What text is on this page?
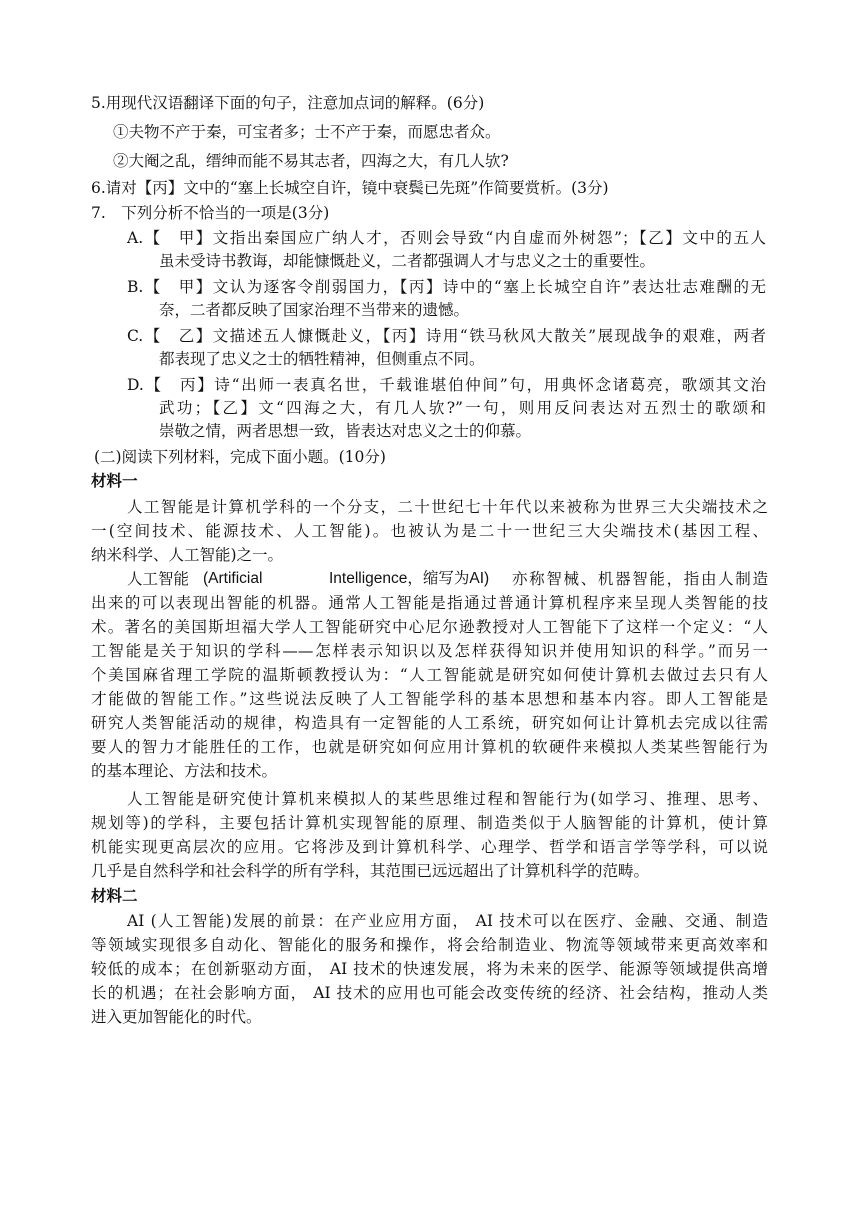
5.用现代汉语翻译下面的句子，注意加点词的解释。(6分)
①夫物不产于秦，可宝者多；士不产于秦，而愿忠者众。
②大阉之乱，缙绅而能不易其志者，四海之大，有几人欤?
6.请对【丙】文中的“塞上长城空自许，镜中衰鬓已先斑”作简要赏析。(3分)
7.　下列分析不恰当的一项是(3分)
A.【　甲】文指出秦国应广纳人才，否则会导致“内自虚而外树怨”；【乙】文中的五人
虽未受诗书教诲，却能慷慨赴义，二者都强调人才与忠义之士的重要性。
B.【　甲】文认为逐客令削弱国力，【丙】诗中的“塞上长城空自许”表达壮志难酬的无
奈，二者都反映了国家治理不当带来的遗憾。
C.【　乙】文描述五人慷慨赴义，【丙】诗用“铁马秋风大散关”展现战争的艰难，两者
都表现了忠义之士的牺牲精神，但侧重点不同。
D.【　丙】诗“出师一表真名世，千载谁堪伯仲间”句，用典怀念诸葛亮，歌颂其文治
武功；【乙】文“四海之大，有几人欤?”一句，则用反问表达对五烈士的歌颂和
崇敬之情，两者思想一致，皆表达对忠义之士的仰慕。
(二)阅读下列材料，完成下面小题。(10分)
材料一
人工智能是计算机学科的一个分支，二十世纪七十年代以来被称为世界三大尖端技术之
一(空间技术、能源技术、人工智能)。也被认为是二十一世纪三大尖端技术(基因工程、
纳米科学、人工智能)之一。
人工智能 (Artificial	Intelligence，缩写为AI) 亦称智械、机器智能，指由人制造
出来的可以表现出智能的机器。通常人工智能是指通过普通计算机程序来呈现人类智能的技
术。著名的美国斯坦福大学人工智能研究中心尼尔逊教授对人工智能下了这样一个定义：“人
工智能是关于知识的学科——怎样表示知识以及怎样获得知识并使用知识的科学。”而另一
个美国麻省理工学院的温斯顿教授认为：“人工智能就是研究如何使计算机去做过去只有人
才能做的智能工作。”这些说法反映了人工智能学科的基本思想和基本内容。即人工智能是
研究人类智能活动的规律，构造具有一定智能的人工系统，研究如何让计算机去完成以往需
要人的智力才能胜任的工作，也就是研究如何应用计算机的软硬件来模拟人类某些智能行为
的基本理论、方法和技术。
人工智能是研究使计算机来模拟人的某些思维过程和智能行为(如学习、推理、思考、
规划等)的学科，主要包括计算机实现智能的原理、制造类似于人脑智能的计算机，使计算
机能实现更高层次的应用。它将涉及到计算机科学、心理学、哲学和语言学等学科，可以说
几乎是自然科学和社会科学的所有学科，其范围已远远超出了计算机科学的范畴。
材料二
AI (人工智能)发展的前景：在产业应用方面， AI 技术可以在医疗、金融、交通、制造
等领域实现很多自动化、智能化的服务和操作，将会给制造业、物流等领域带来更高效率和
较低的成本；在创新驱动方面， AI 技术的快速发展，将为未来的医学、能源等领域提供高增
长的机遇；在社会影响方面， AI 技术的应用也可能会改变传统的经济、社会结构，推动人类
进入更加智能化的时代。
